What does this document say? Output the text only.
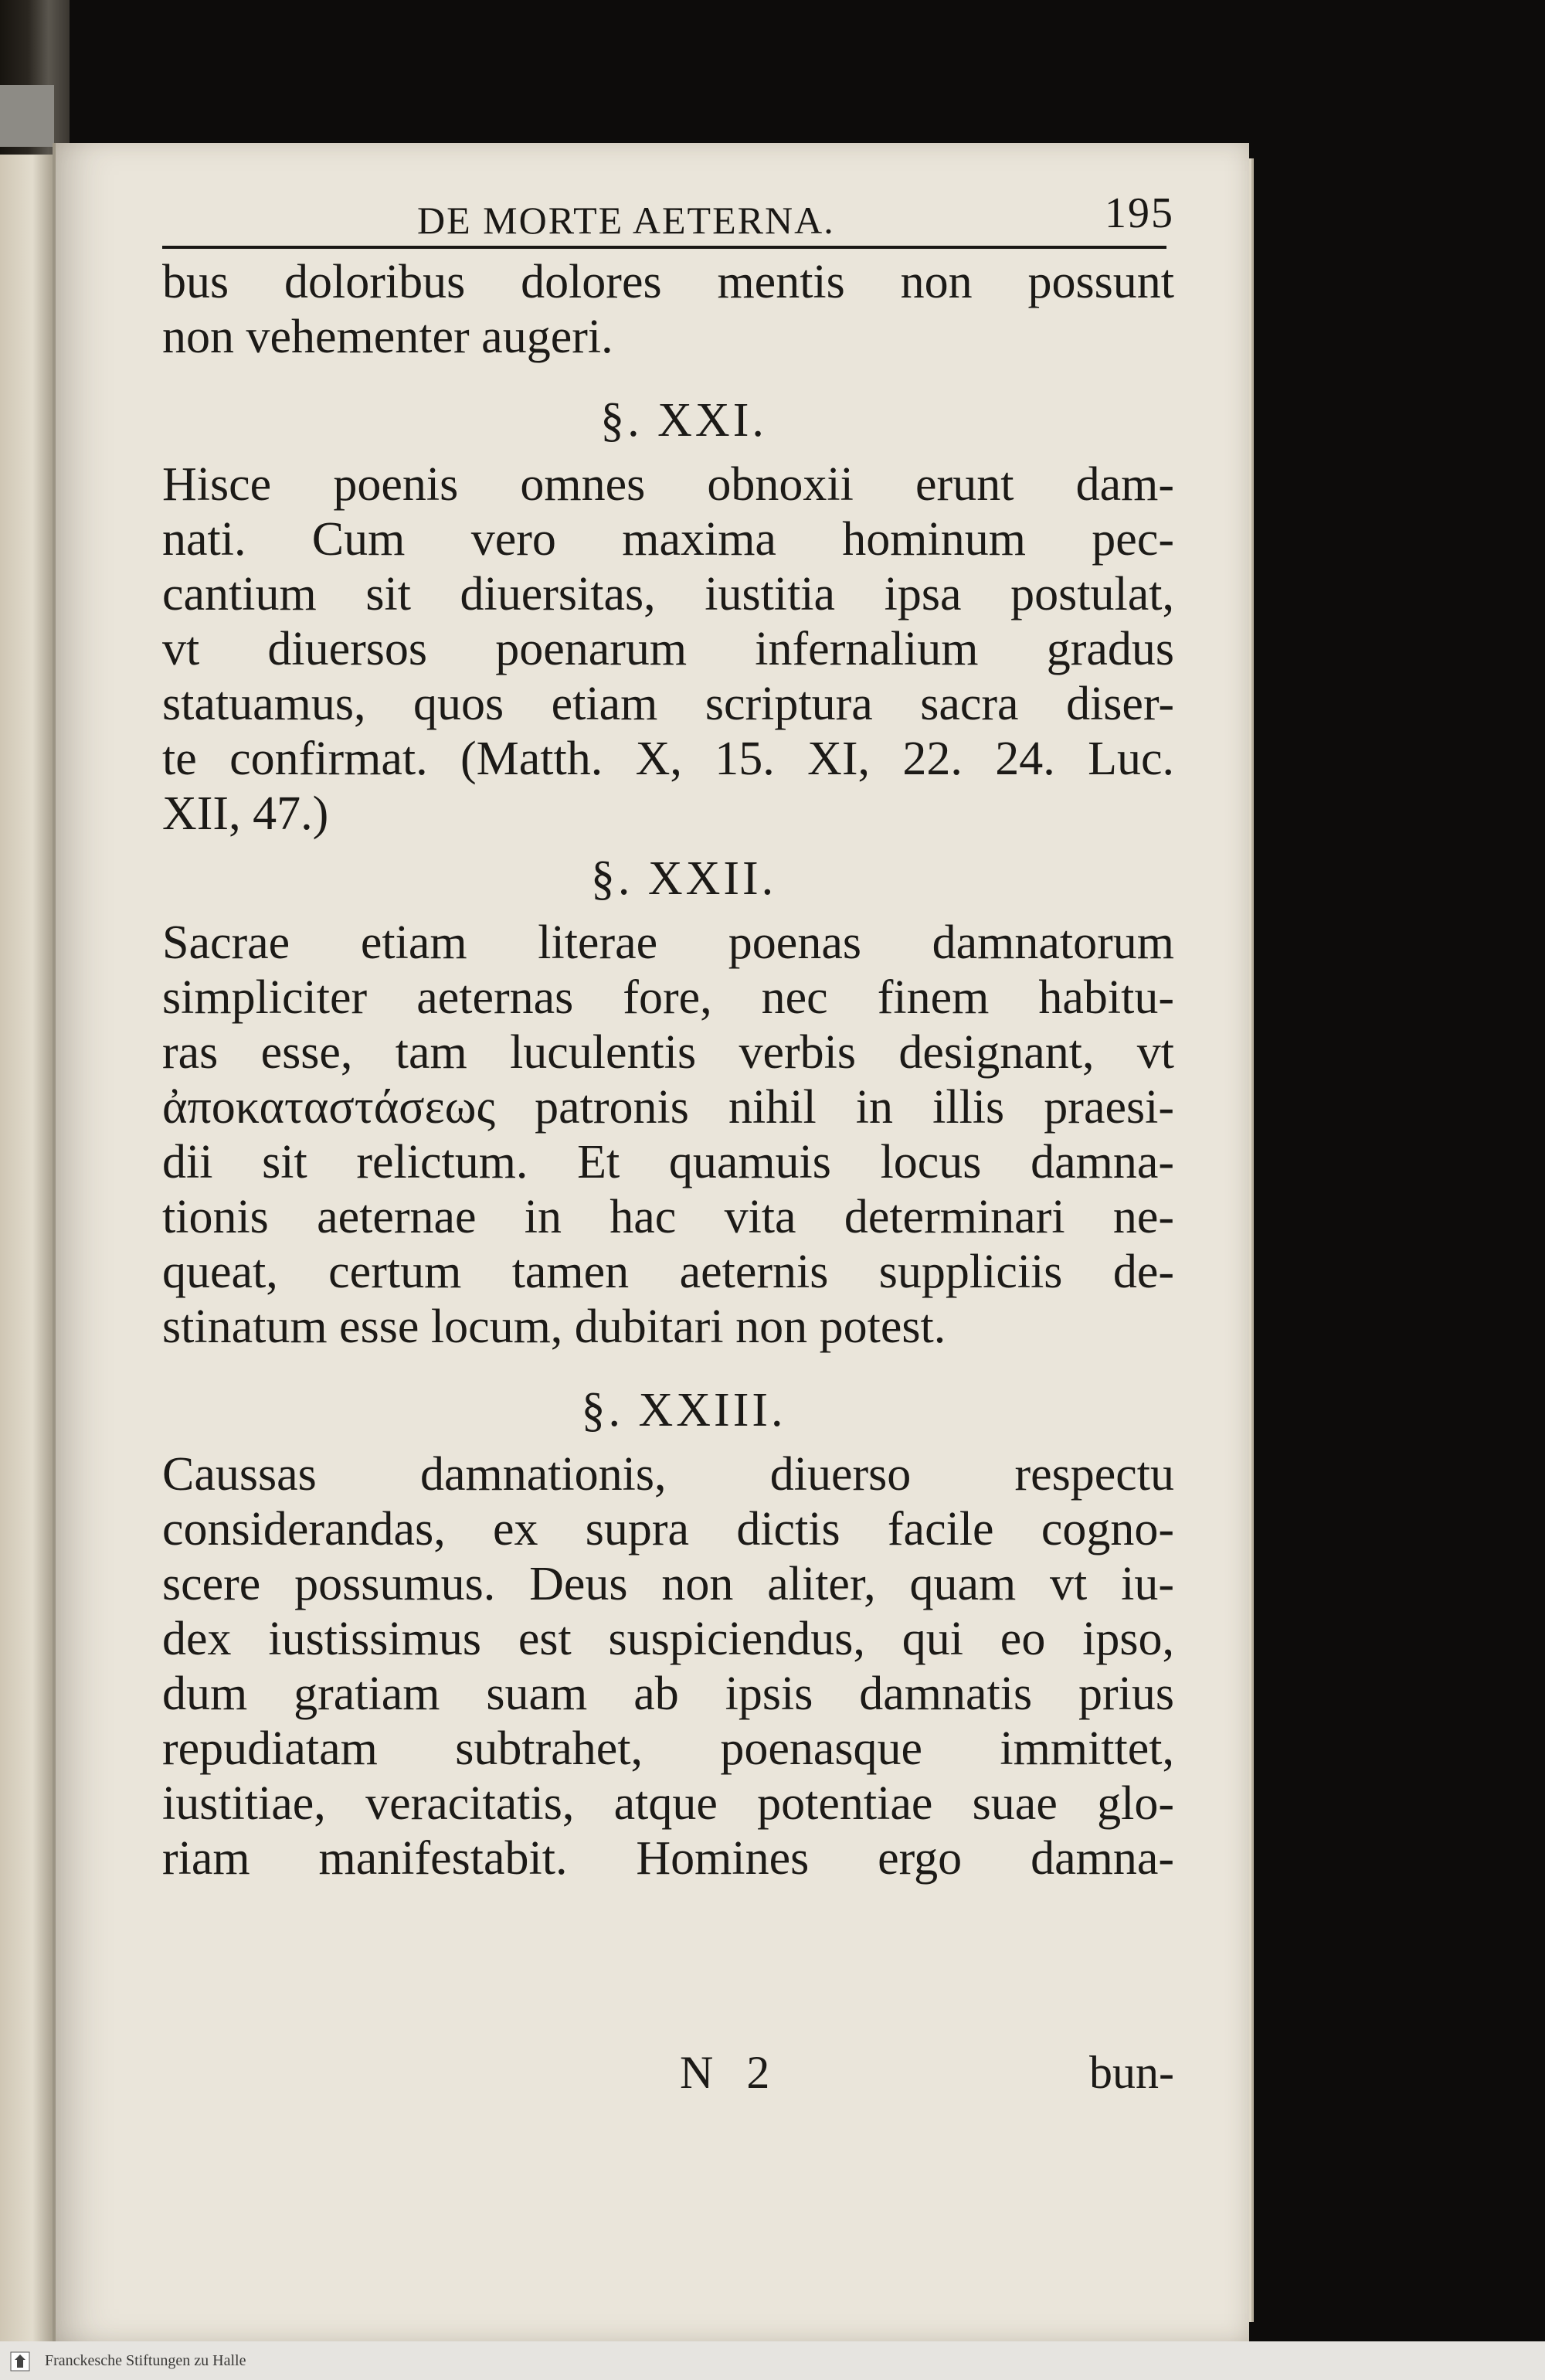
DE MORTE AETERNA.	195
bus doloribus dolores mentis non possunt
non vehementer augeri.
§. XXI.
Hisce poenis omnes obnoxii erunt dam-
nati. Cum vero maxima hominum pec-
cantium sit diuersitas, iustitia ipsa postulat,
vt diuersos poenarum infernalium gradus
statuamus, quos etiam scriptura sacra diser-
te confirmat. (Matth. X, 15. XI, 22. 24. Luc.
XII, 47.)
§. XXII.
Sacrae etiam literae poenas damnatorum
simpliciter aeternas fore, nec finem habitu-
ras esse, tam luculentis verbis designant, vt
ἀποκαταστάσεως patronis nihil in illis praesi-
dii sit relictum. Et quamuis locus damna-
tionis aeternae in hac vita determinari ne-
queat, certum tamen aeternis suppliciis de-
stinatum esse locum, dubitari non potest.
§. XXIII.
Caussas damnationis, diuerso respectu
considerandas, ex supra dictis facile cogno-
scere possumus. Deus non aliter, quam vt iu-
dex iustissimus est suspiciendus, qui eo ipso,
dum gratiam suam ab ipsis damnatis prius
repudiatam subtrahet, poenasque immittet,
iustitiae, veracitatis, atque potentiae suae glo-
riam manifestabit. Homines ergo damna-
N 2	bun-
Franckesche Stiftungen zu Halle
